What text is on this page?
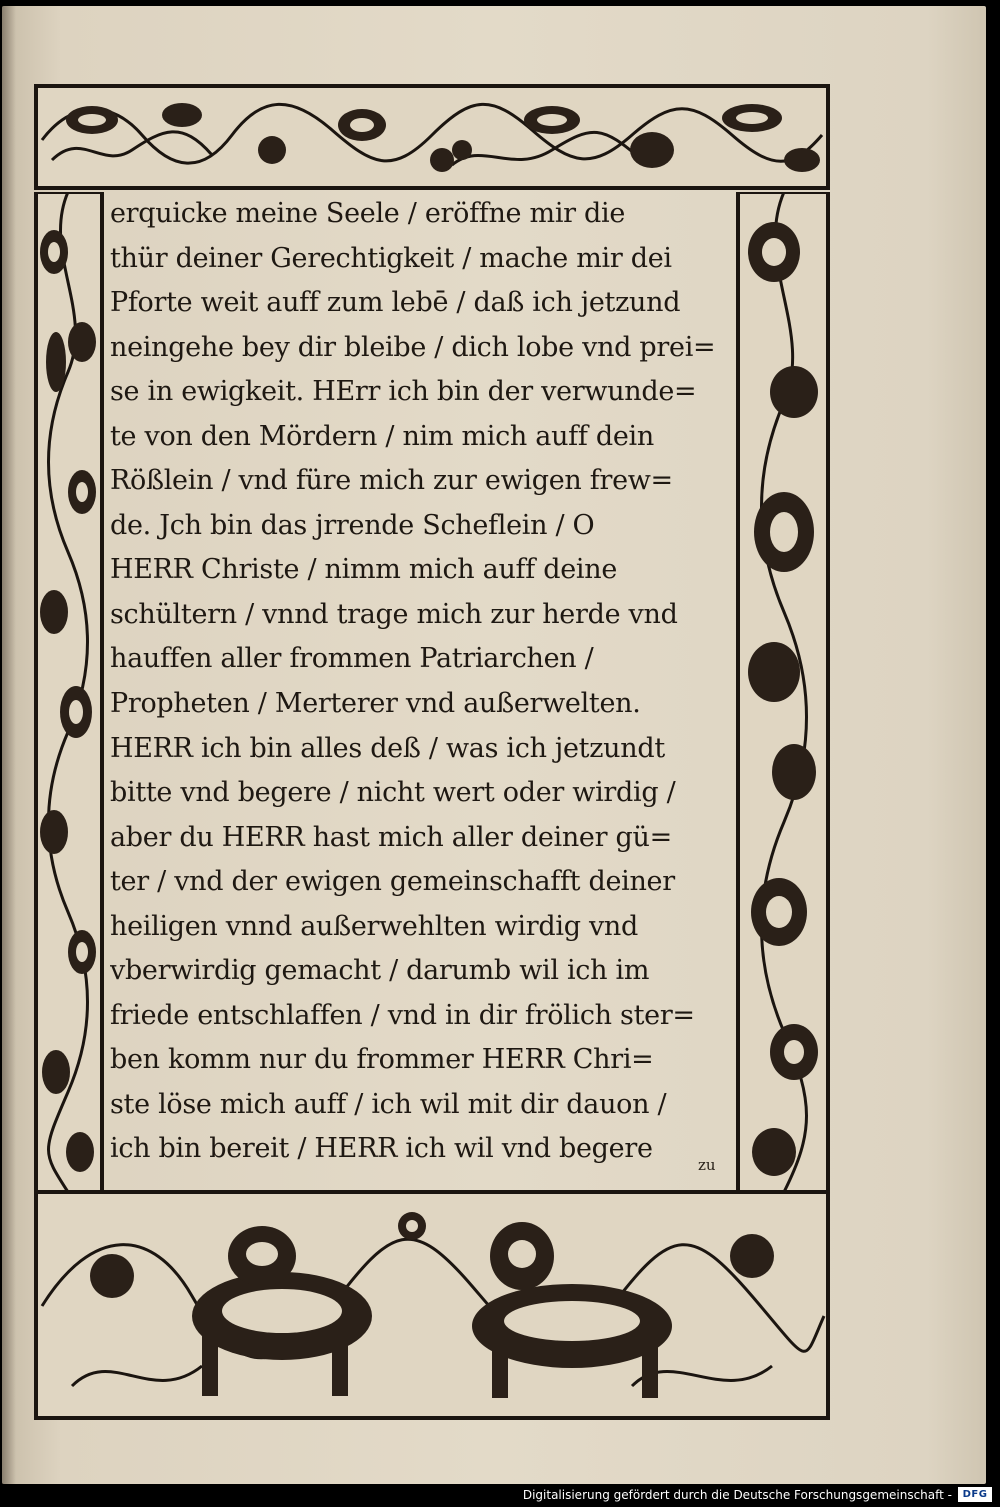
erquicke meine Seele / eröffne mir die
thür deiner Gerechtigkeit / mache mir dei
Pforte weit auff zum lebē / daß ich jetzund
neingehe bey dir bleibe / dich lobe vnd prei=
se in ewigkeit. HErr ich bin der verwunde=
te von den Mördern / nim mich auff dein
Rößlein / vnd füre mich zur ewigen frew=
de. Jch bin das jrrende Scheflein / O
HERR Christe / nimm mich auff deine
schültern / vnnd trage mich zur herde vnd
hauffen aller frommen Patriarchen /
Propheten / Merterer vnd außerwelten.
HERR ich bin alles deß / was ich jetzundt
bitte vnd begere / nicht wert oder wirdig /
aber du HERR hast mich aller deiner gü=
ter / vnd der ewigen gemeinschafft deiner
heiligen vnnd außerwehlten wirdig vnd
vberwirdig gemacht / darumb wil ich im
friede entschlaffen / vnd in dir frölich ster=
ben komm nur du frommer HERR Chri=
ste löse mich auff / ich wil mit dir dauon /
ich bin bereit / HERR ich wil vnd begere
zu
Digitalisierung gefördert durch die Deutsche Forschungsgemeinschaft -	DFG
